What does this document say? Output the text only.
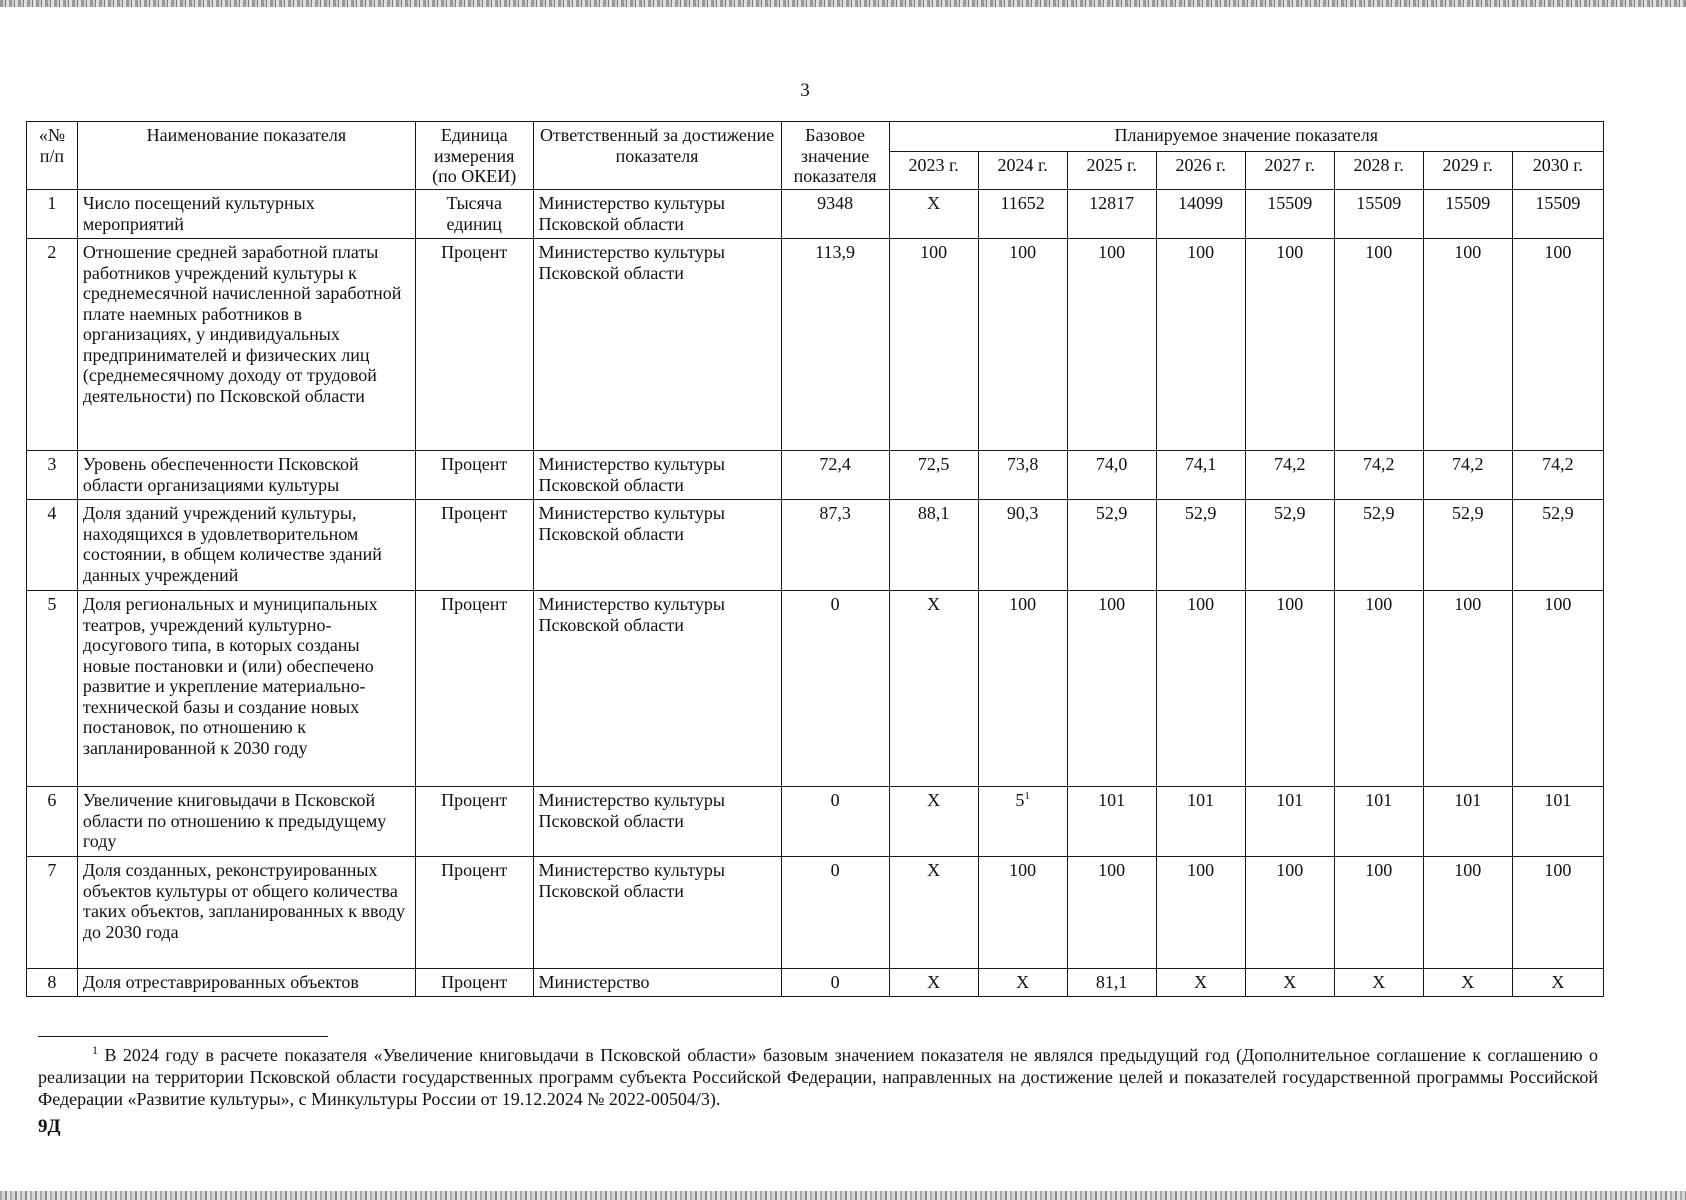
3
«№ п/п	Наименование показателя	Единица измерения (по ОКЕИ)	Ответственный за достижение показателя	Базовое значение показателя	Планируемое значение показателя							
					2023 г.	2024 г.	2025 г.	2026 г.	2027 г.	2028 г.	2029 г.	2030 г.
1	Число посещений культурных мероприятий	Тысяча единиц	Министерство культуры Псковской области	9348	X	11652	12817	14099	15509	15509	15509	15509
2	Отношение средней заработной платы работников учреждений культуры к среднемесячной начисленной заработной плате наемных работников в организациях, у индивидуальных предпринимателей и физических лиц (среднемесячному доходу от трудовой деятельности) по Псковской области	Процент	Министерство культуры Псковской области	113,9	100	100	100	100	100	100	100	100
3	Уровень обеспеченности Псковской области организациями культуры	Процент	Министерство культуры Псковской области	72,4	72,5	73,8	74,0	74,1	74,2	74,2	74,2	74,2
4	Доля зданий учреждений культуры, находящихся в удовлетворительном состоянии, в общем количестве зданий данных учреждений	Процент	Министерство культуры Псковской области	87,3	88,1	90,3	52,9	52,9	52,9	52,9	52,9	52,9
5	Доля региональных и муниципальных театров, учреждений культурно-досугового типа, в которых созданы новые постановки и (или) обеспечено развитие и укрепление материально-технической базы и создание новых постановок, по отношению к запланированной к 2030 году	Процент	Министерство культуры Псковской области	0	X	100	100	100	100	100	100	100
6	Увеличение книговыдачи в Псковской области по отношению к предыдущему году	Процент	Министерство культуры Псковской области	0	X	$5^1$	101	101	101	101	101	101
7	Доля созданных, реконструированных объектов культуры от общего количества таких объектов, запланированных к вводу до 2030 года	Процент	Министерство культуры Псковской области	0	X	100	100	100	100	100	100	100
8	Доля отреставрированных объектов	Процент	Министерство	0	X	X	81,1	X	X	X	X	X
$^1$ В 2024 году в расчете показателя «Увеличение книговыдачи в Псковской области» базовым значением показателя не являлся предыдущий год (Дополнительное соглашение к соглашению о реализации на территории Псковской области государственных программ субъекта Российской Федерации, направленных на достижение целей и показателей государственной программы Российской Федерации «Развитие культуры», с Минкультуры России от 19.12.2024 № 2022-00504/3).
9Д
